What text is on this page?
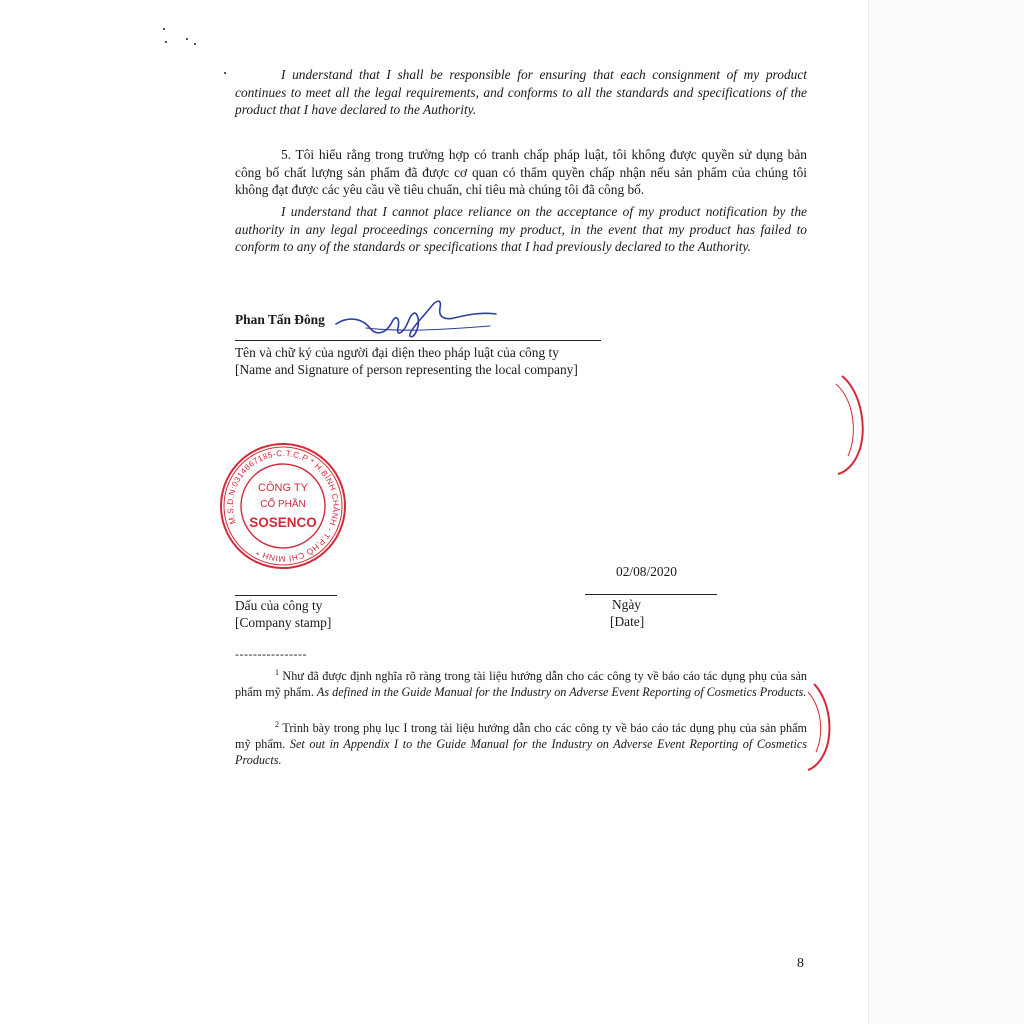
I understand that I shall be responsible for ensuring that each consignment of my product continues to meet all the legal requirements, and conforms to all the standards and specifications of the product that I have declared to the Authority.
5. Tôi hiểu rằng trong trường hợp có tranh chấp pháp luật, tôi không được quyền sử dụng bản công bố chất lượng sản phẩm đã được cơ quan có thẩm quyền chấp nhận nếu sản phẩm của chúng tôi không đạt được các yêu cầu về tiêu chuẩn, chỉ tiêu mà chúng tôi đã công bố.
I understand that I cannot place reliance on the acceptance of my product notification by the authority in any legal proceedings concerning my product, in the event that my product has failed to conform to any of the standards or specifications that I had previously declared to the Authority.
Phan Tấn Đông
Tên và chữ ký của người đại diện theo pháp luật của công ty
[Name and Signature of person representing the local company]
M.S.D.N:0314867185-C.T.C.P * H.BÌNH CHÁNH - T.P.HỒ CHÍ MINH *
CÔNG TY
CỔ PHẦN
SOSENCO
Dấu của công ty
[Company stamp]
02/08/2020
Ngày
[Date]
----------------
$^1$ Như đã được định nghĩa rõ ràng trong tài liệu hướng dẫn cho các công ty về báo cáo tác dụng phụ của sản phẩm mỹ phẩm. As defined in the Guide Manual for the Industry on Adverse Event Reporting of Cosmetics Products.
$^2$ Trình bày trong phụ lục I trong tài liệu hướng dẫn cho các công ty về báo cáo tác dụng phụ của sản phẩm mỹ phẩm. Set out in Appendix I to the Guide Manual for the Industry on Adverse Event Reporting of Cosmetics Products.
8
